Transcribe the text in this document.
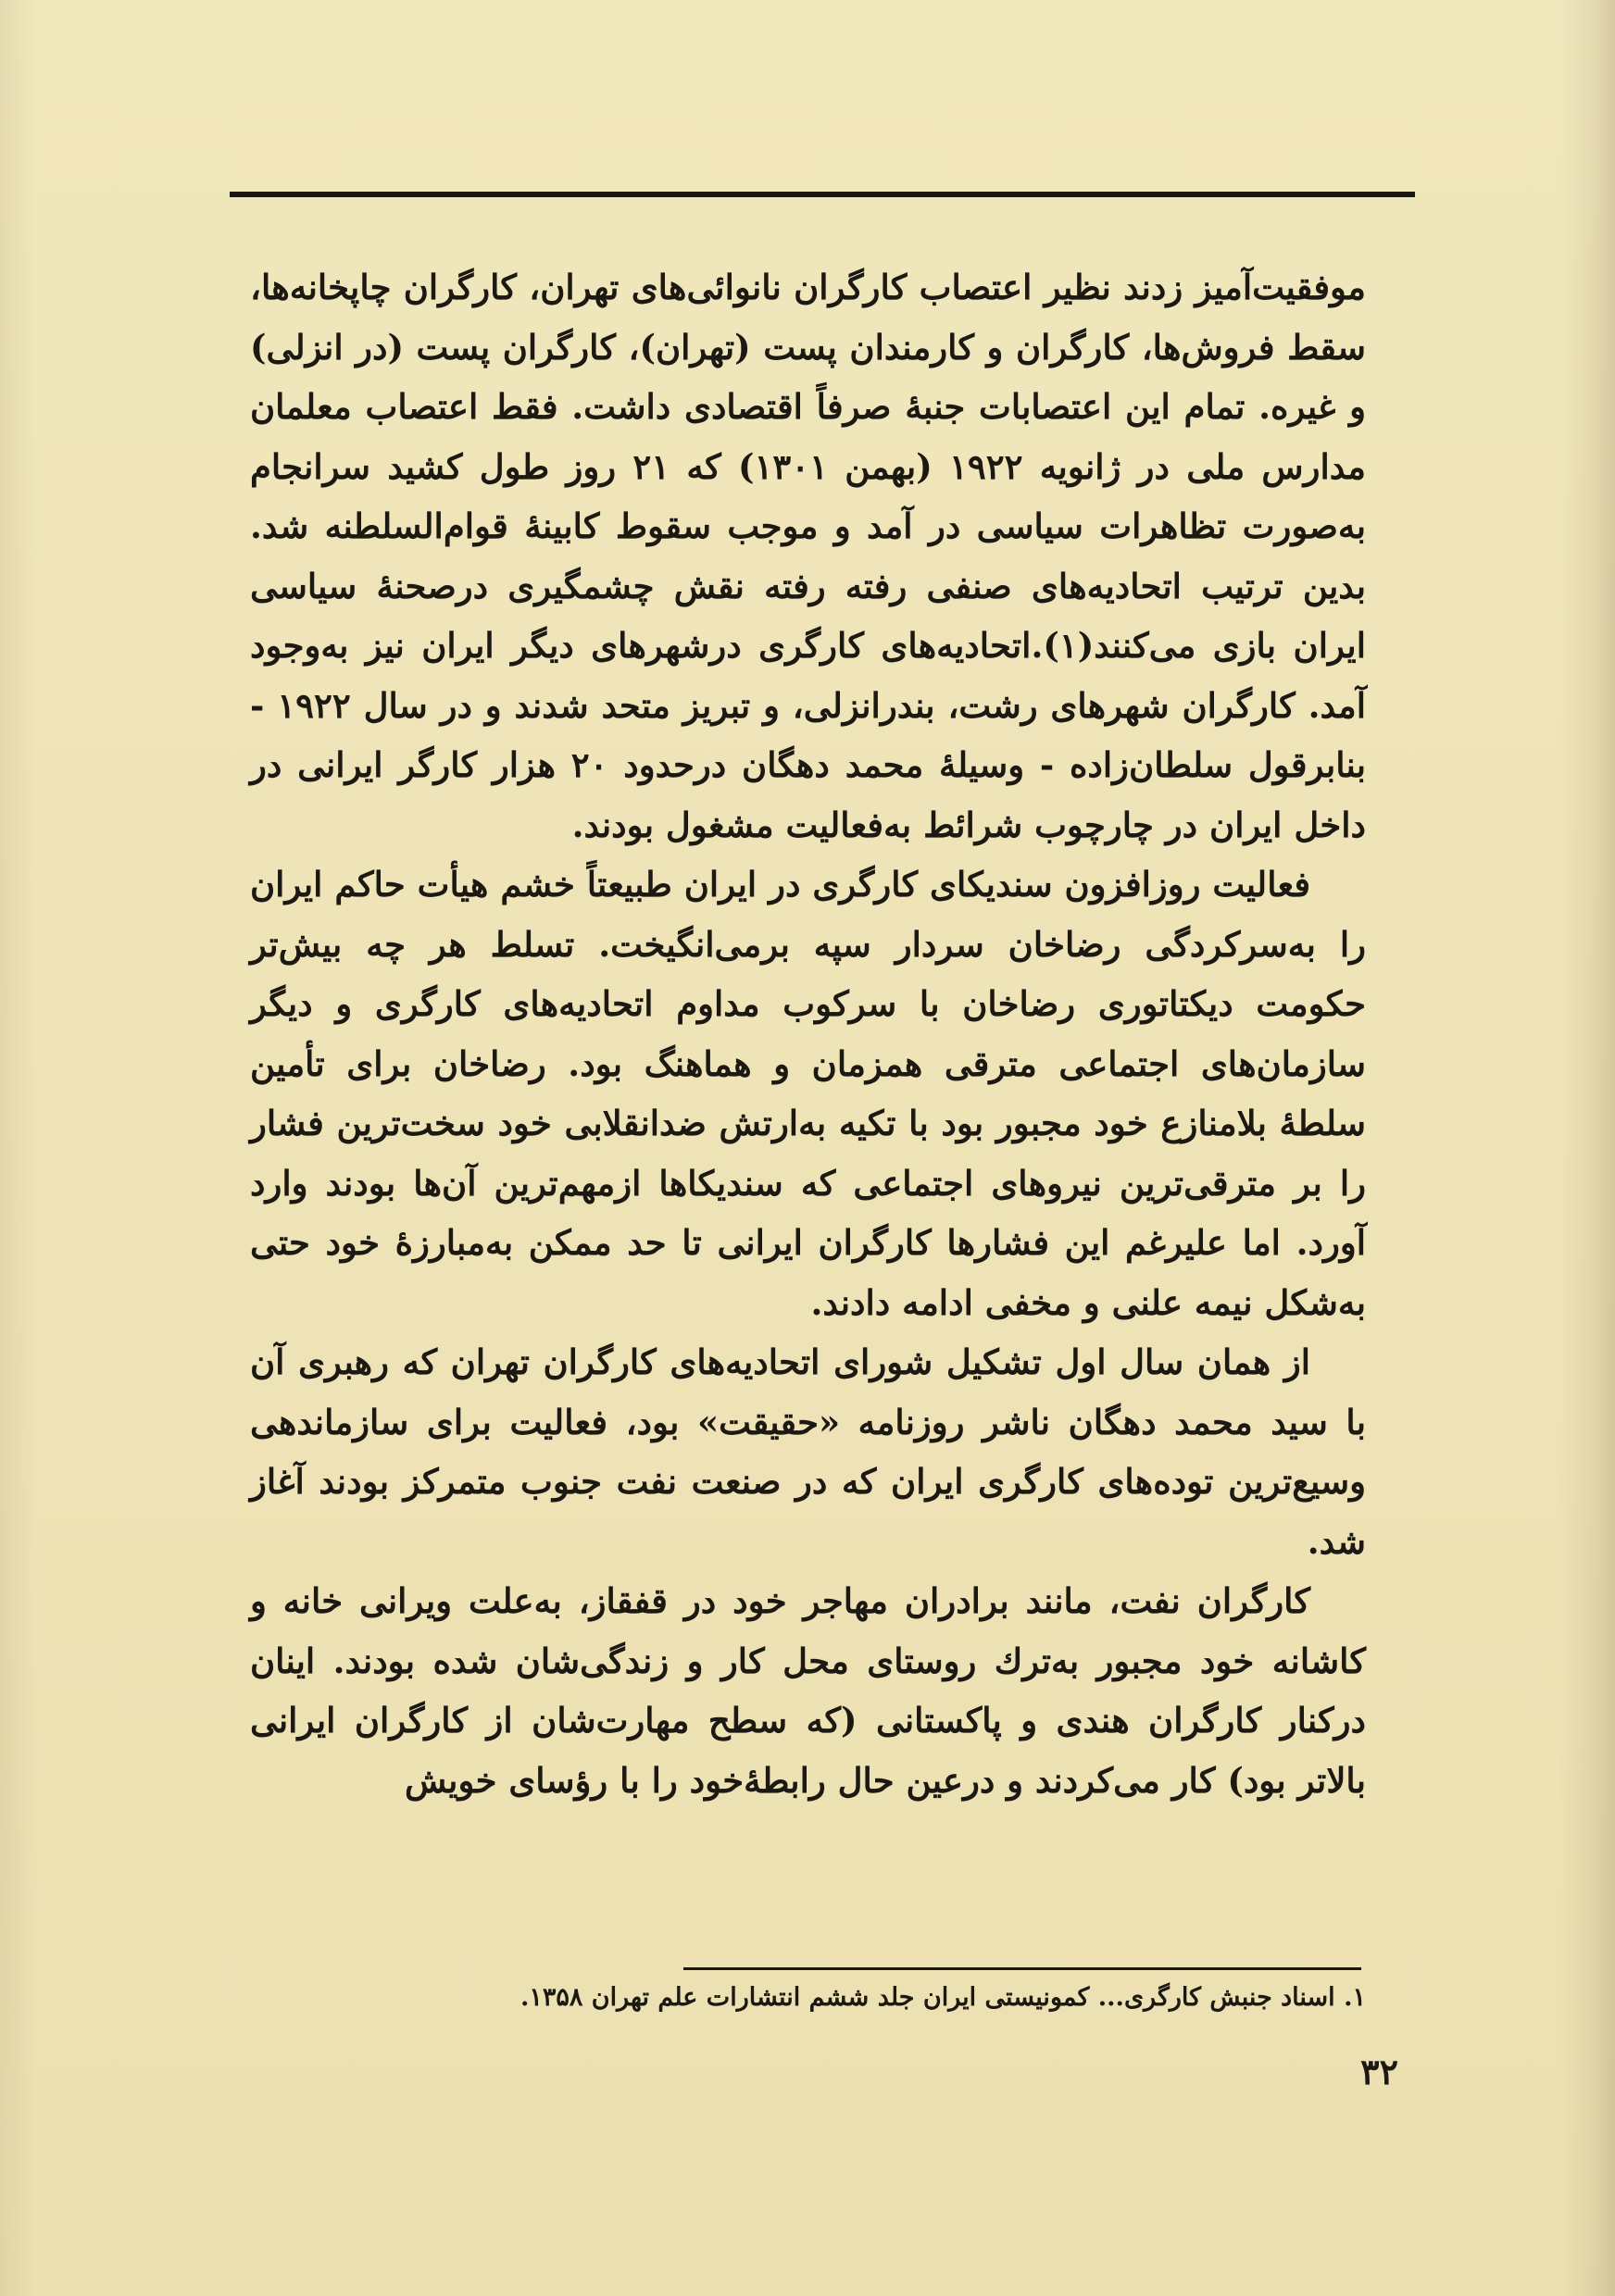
موفقیت‌آمیز زدند نظیر اعتصاب کارگران نانوائی‌های تهران، کارگران چاپخانه‌ها، سقط فروش‌ها، کارگران و کارمندان پست (تهران)، کارگران پست (در انزلی) و غیره. تمام این اعتصابات جنبهٔ صرفاً اقتصادی داشت. فقط اعتصاب معلمان مدارس ملی در ژانویه ۱۹۲۲ (بهمن ۱۳۰۱) که ۲۱ روز طول کشید سرانجام به‌صورت تظاهرات سیاسی در آمد و موجب سقوط کابینهٔ قوام‌السلطنه شد. بدین ترتیب اتحادیه‌های صنفی رفته رفته نقش چشمگیری درصحنهٔ سیاسی ایران بازی می‌کنند(۱).اتحادیه‌های کارگری درشهرهای دیگر ایران نیز به‌وجود آمد. کارگران شهرهای رشت، بندرانزلی، و تبریز متحد شدند و در سال ۱۹۲۲ - بنابرقول سلطان‌زاده - وسیلهٔ محمد دهگان درحدود ۲۰ هزار کارگر ایرانی در داخل ایران در چارچوب شرائط به‌فعالیت مشغول بودند.

فعالیت روزافزون سندیکای کارگری در ایران طبیعتاً خشم هیأت حاکم ایران را به‌سرکردگی رضاخان سردار سپه برمی‌انگیخت. تسلط هر چه بیش‌تر حکومت دیکتاتوری رضاخان با سرکوب مداوم اتحادیه‌های کارگری و دیگر سازمان‌های اجتماعی مترقی همزمان و هماهنگ بود. رضاخان برای تأمین سلطهٔ بلامنازع خود مجبور بود با تکیه به‌ارتش ضدانقلابی خود سخت‌ترین فشار را بر مترقی‌ترین نیروهای اجتماعی که سندیکاها ازمهم‌ترین آن‌ها بودند وارد آورد. اما علیرغم این فشارها کارگران ایرانی تا حد ممکن به‌مبارزهٔ خود حتی به‌شکل نیمه علنی و مخفی ادامه دادند.

از همان سال اول تشکیل شورای اتحادیه‌های کارگران تهران که رهبری آن با سید محمد دهگان ناشر روزنامه «حقیقت» بود، فعالیت برای سازماندهی وسیع‌ترین توده‌های کارگری ایران که در صنعت نفت جنوب متمرکز بودند آغاز شد.

کارگران نفت، مانند برادران مهاجر خود در قفقاز، به‌علت ویرانی خانه و کاشانه خود مجبور به‌ترك روستای محل کار و زندگی‌شان شده بودند. اینان درکنار کارگران هندی و پاکستانی (که سطح مهارت‌شان از کارگران ایرانی بالاتر بود) کار می‌کردند و درعین حال رابطهٔ‌خود را با رؤسای خویش

۱. اسناد جنبش کارگری... کمونیستی ایران جلد ششم انتشارات علم تهران ۱۳۵۸.
۳۲
